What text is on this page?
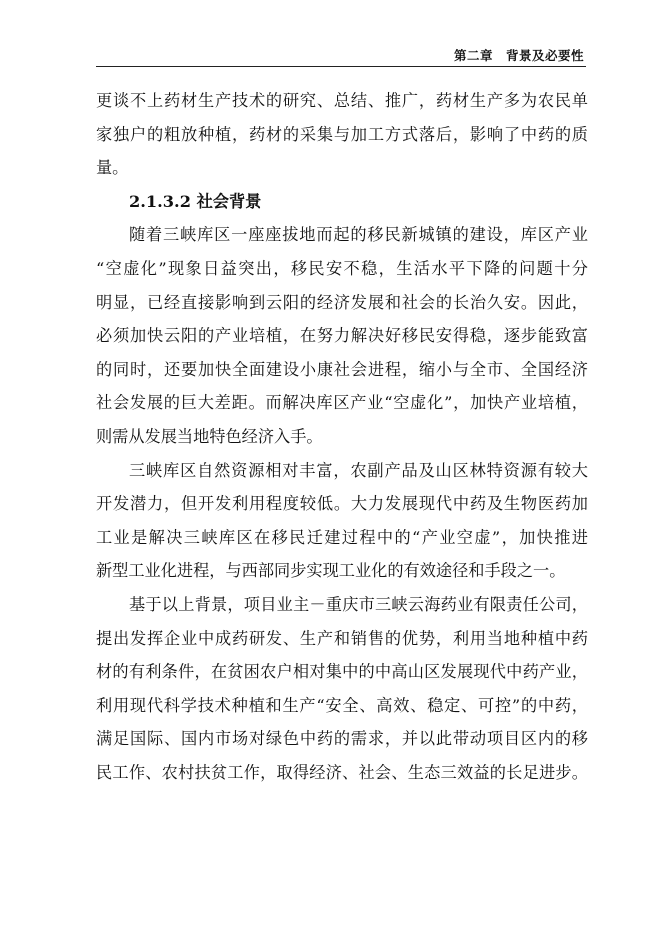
第二章　背景及必要性
更谈不上药材生产技术的研究、总结、推广，药材生产多为农民单
家独户的粗放种植，药材的采集与加工方式落后，影响了中药的质
量。
2.1.3.2 社会背景
随着三峡库区一座座拔地而起的移民新城镇的建设，库区产业
“空虚化”现象日益突出，移民安不稳，生活水平下降的问题十分
明显，已经直接影响到云阳的经济发展和社会的长治久安。因此，
必须加快云阳的产业培植，在努力解决好移民安得稳，逐步能致富
的同时，还要加快全面建设小康社会进程，缩小与全市、全国经济
社会发展的巨大差距。而解决库区产业“空虚化”，加快产业培植，
则需从发展当地特色经济入手。
三峡库区自然资源相对丰富，农副产品及山区林特资源有较大
开发潜力，但开发利用程度较低。大力发展现代中药及生物医药加
工业是解决三峡库区在移民迁建过程中的“产业空虚”，加快推进
新型工业化进程，与西部同步实现工业化的有效途径和手段之一。
基于以上背景，项目业主－重庆市三峡云海药业有限责任公司，
提出发挥企业中成药研发、生产和销售的优势，利用当地种植中药
材的有利条件，在贫困农户相对集中的中高山区发展现代中药产业，
利用现代科学技术种植和生产“安全、高效、稳定、可控”的中药，
满足国际、国内市场对绿色中药的需求，并以此带动项目区内的移
民工作、农村扶贫工作，取得经济、社会、生态三效益的长足进步。
